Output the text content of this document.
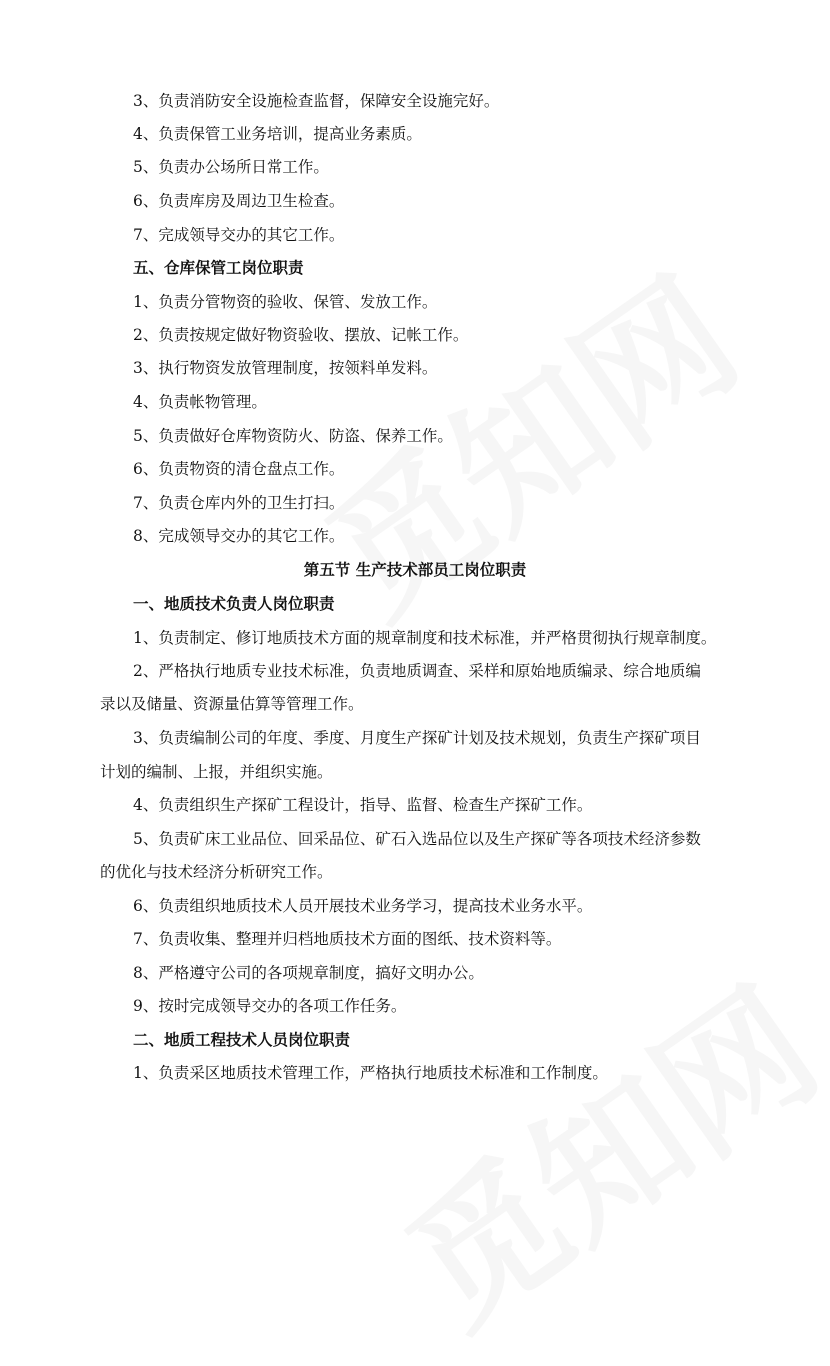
3、负责消防安全设施检查监督，保障安全设施完好。
4、负责保管工业务培训，提高业务素质。
5、负责办公场所日常工作。
6、负责库房及周边卫生检查。
7、完成领导交办的其它工作。
五、仓库保管工岗位职责
1、负责分管物资的验收、保管、发放工作。
2、负责按规定做好物资验收、摆放、记帐工作。
3、执行物资发放管理制度，按领料单发料。
4、负责帐物管理。
5、负责做好仓库物资防火、防盗、保养工作。
6、负责物资的清仓盘点工作。
7、负责仓库内外的卫生打扫。
8、完成领导交办的其它工作。
第五节 生产技术部员工岗位职责
一、地质技术负责人岗位职责
1、负责制定、修订地质技术方面的规章制度和技术标准，并严格贯彻执行规章制度。
2、严格执行地质专业技术标准，负责地质调查、采样和原始地质编录、综合地质编
录以及储量、资源量估算等管理工作。
3、负责编制公司的年度、季度、月度生产探矿计划及技术规划，负责生产探矿项目
计划的编制、上报，并组织实施。
4、负责组织生产探矿工程设计，指导、监督、检查生产探矿工作。
5、负责矿床工业品位、回采品位、矿石入选品位以及生产探矿等各项技术经济参数
的优化与技术经济分析研究工作。
6、负责组织地质技术人员开展技术业务学习，提高技术业务水平。
7、负责收集、整理并归档地质技术方面的图纸、技术资料等。
8、严格遵守公司的各项规章制度，搞好文明办公。
9、按时完成领导交办的各项工作任务。
二、地质工程技术人员岗位职责
1、负责采区地质技术管理工作，严格执行地质技术标准和工作制度。
